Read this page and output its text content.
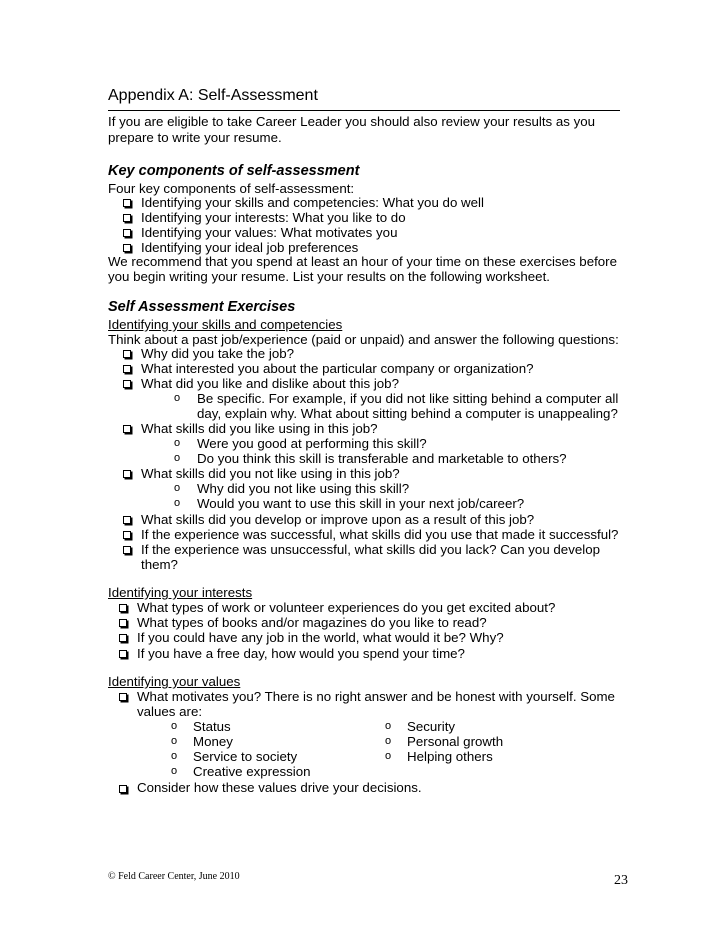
Appendix A: Self-Assessment
If you are eligible to take Career Leader you should also review your results as you
prepare to write your resume.
Key components of self-assessment
Four key components of self-assessment:
Identifying your skills and competencies: What you do well
Identifying your interests: What you like to do
Identifying your values: What motivates you
Identifying your ideal job preferences
We recommend that you spend at least an hour of your time on these exercises before
you begin writing your resume. List your results on the following worksheet.
Self Assessment Exercises
Identifying your skills and competencies
Think about a past job/experience (paid or unpaid) and answer the following questions:
Why did you take the job?
What interested you about the particular company or organization?
What did you like and dislike about this job?
o Be specific. For example, if you did not like sitting behind a computer all
day, explain why. What about sitting behind a computer is unappealing?
What skills did you like using in this job?
o Were you good at performing this skill?
o Do you think this skill is transferable and marketable to others?
What skills did you not like using in this job?
o Why did you not like using this skill?
o Would you want to use this skill in your next job/career?
What skills did you develop or improve upon as a result of this job?
If the experience was successful, what skills did you use that made it successful?
If the experience was unsuccessful, what skills did you lack? Can you develop
them?
Identifying your interests
What types of work or volunteer experiences do you get excited about?
What types of books and/or magazines do you like to read?
If you could have any job in the world, what would it be? Why?
If you have a free day, how would you spend your time?
Identifying your values
What motivates you? There is no right answer and be honest with yourself. Some
values are:
o Status
o Money
o Service to society
o Creative expression
o Security
o Personal growth
o Helping others
Consider how these values drive your decisions.
© Feld Career Center, June 2010	23
